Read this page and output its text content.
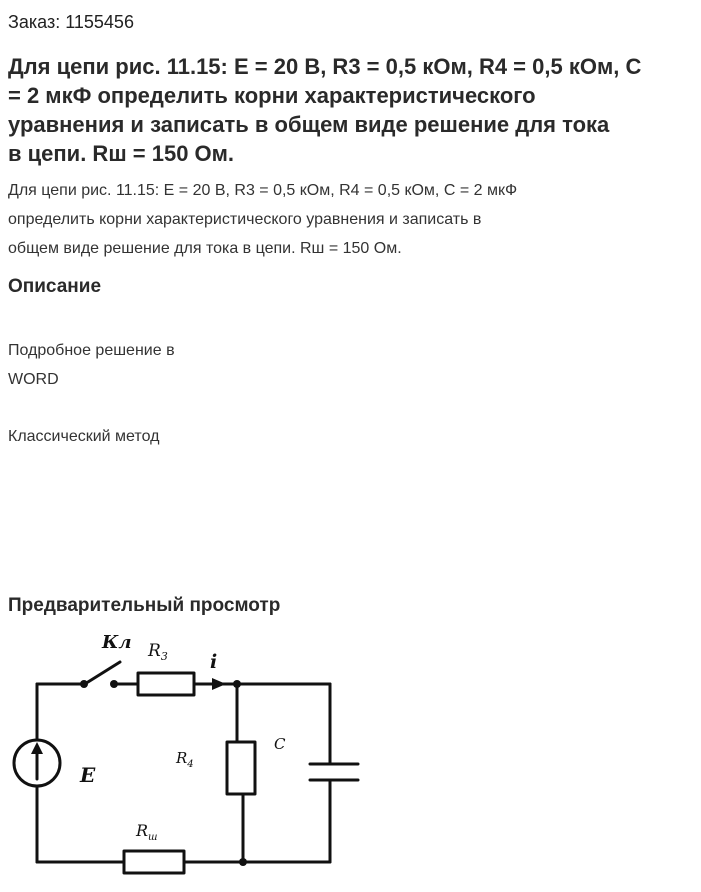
Заказ: 1155456
Для цепи рис. 11.15: E = 20 В, R3 = 0,5 кОм, R4 = 0,5 кОм, C
= 2 мкФ определить корни характеристического
уравнения и записать в общем виде решение для тока
в цепи. Rш = 150 Ом.
Для цепи рис. 11.15: E = 20 В, R3 = 0,5 кОм, R4 = 0,5 кОм, C = 2 мкФ
определить корни характеристического уравнения и записать в
общем виде решение для тока в цепи. Rш = 150 Ом.
Описание
Подробное решение в
WORD
Классический метод
Предварительный просмотр
Кл $R_3$ i
E
$R_4$
C
$R_ш$
